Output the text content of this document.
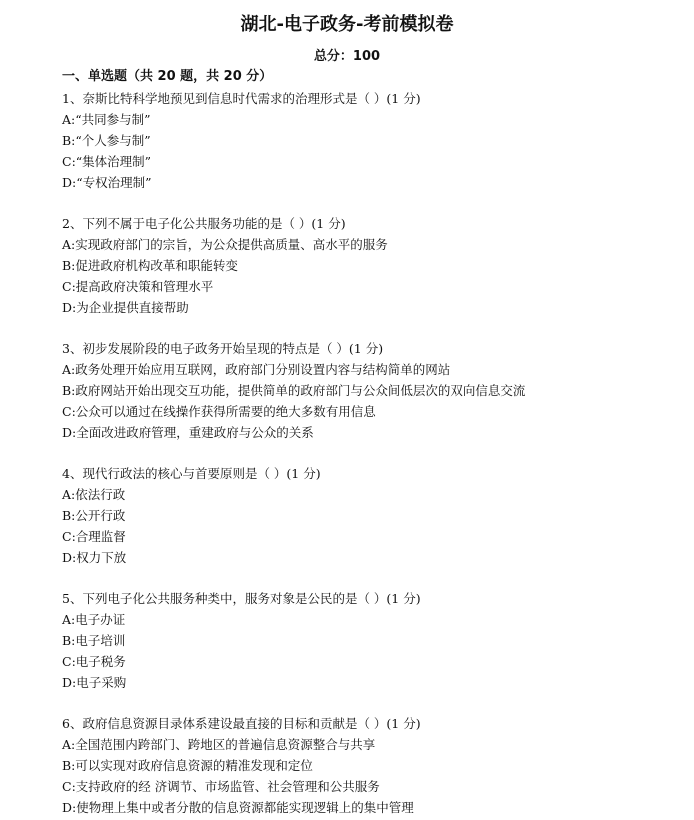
湖北-电子政务-考前模拟卷
总分：100
一、单选题（共 20 题，共 20 分）
1、奈斯比特科学地预见到信息时代需求的治理形式是（ ）(1 分)
A:“共同参与制”
B:“个人参与制”
C:“集体治理制”
D:“专权治理制”
2、下列不属于电子化公共服务功能的是（ ）(1 分)
A:实现政府部门的宗旨，为公众提供高质量、高水平的服务
B:促进政府机构改革和职能转变
C:提高政府决策和管理水平
D:为企业提供直接帮助
3、初步发展阶段的电子政务开始呈现的特点是（ ）(1 分)
A:政务处理开始应用互联网，政府部门分别设置内容与结构简单的网站
B:政府网站开始出现交互功能，提供简单的政府部门与公众间低层次的双向信息交流
C:公众可以通过在线操作获得所需要的绝大多数有用信息
D:全面改进政府管理，重建政府与公众的关系
4、现代行政法的核心与首要原则是（ ）(1 分)
A:依法行政
B:公开行政
C:合理监督
D:权力下放
5、下列电子化公共服务种类中，服务对象是公民的是（ ）(1 分)
A:电子办证
B:电子培训
C:电子税务
D:电子采购
6、政府信息资源目录体系建设最直接的目标和贡献是（ ）(1 分)
A:全国范围内跨部门、跨地区的普遍信息资源整合与共享
B:可以实现对政府信息资源的精准发现和定位
C:支持政府的经 济调节、市场监管、社会管理和公共服务
D:使物理上集中或者分散的信息资源都能实现逻辑上的集中管理
